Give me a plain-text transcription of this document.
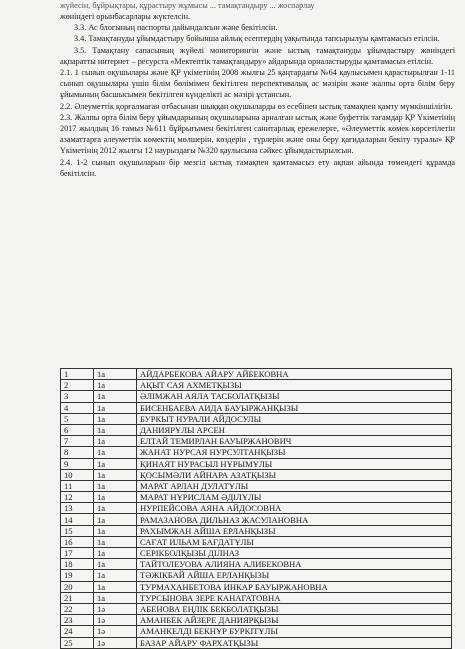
жүйесін, бұйрықтары, құрастыру жұмысы ... тамақтандыру ... жоспарлау

жөніндегі орынбасарлары жүктелсін.

3.3. Ас блогының паспорты дайындалсын және бекітілсін.

3.4. Тамақтануды ұйымдастыру бойынша айлық есептердің уақытында тапсырылуы қамтамасыз етілсін.

3.5. Тамақтану сапасының жүйелі мониторингін және ыстық тамақтануды ұйымдастыру жөніндегі ақпаратты интернет – ресурста «Мектептік тамақтандыру» айдарында орналастыруды қамтамасыз етілсін.

2.1. 1 сынып оқушылары және ҚР үкіметінің 2008 жылғы 25 қаңтардағы №64 қаулысымен қарастырылған 1-11 сынып оқушылары үшін білім бөлімімен бекітілген перспективалық ас мәзірін және жалпы орта білім беру ұйымының басшысымен бекітілген күнделікті ас мәзірі ұстансын.

2.2. Әлеуметтік қорғалмаған отбасынан шыққан оқушыларды өз есебінен ыстық тамақпен қамту мүмкіншілігін.

2.3. Жалпы орта білім беру ұйымдарының оқушыларына арналған ыстық және буфеттік тағамдар ҚР Үкіметінің 2017 жылдың 16 тамыз №611 бұйрығымен бекітілген санитарлық ережелерге, «Әлеуметтік көмек көрсетілетін азаматтарға әлеуметтік көмектің мөлшерін, көздерін , түрлерін және оны беру қағидаларын бекіту туралы» ҚР Үкіметінің 2012 жылғы 12 наурыздағы №320 қаулысына сәйкес ұйымдастырылсын.

2.4. 1-2 сынып оқушыларын бір мезгіл ыстық тамақпен қамтамасыз ету ақпан айында төмендегі құрамда бекітілсін.

1	1а	АЙДАРБЕКОВА АЙАРУ АЙБЕКОВНА
2	1а	АҚЫТ САЯ АХМЕТҚЫЗЫ
3	1а	ӘЛІМЖАН АЯЛА ТАСБОЛАТҚЫЗЫ
4	1а	БИСЕНБАЕВА АИДА БАУЫРЖАНҚЫЗЫ
5	1а	БУРКЫТ НУРАЛИ АЙДОСУЛЫ
6	1а	ДАНИЯРҰЛЫ АРСЕН
7	1а	ЕЛТАЙ ТЕМИРЛАН БАУЫРЖАНОВИЧ
8	1а	ЖАНАТ НУРСАЯ НУРСУЛТАНҚЫЗЫ
9	1а	ҚИНАЯТ НУРАСЫЛ НҰРЫМҰЛЫ
10	1а	ҚОСЫМӘЛИ АЙНАРА АЗАТҚЫЗЫ
11	1а	МАРАТ АРЛАН ДУЛАТҰЛЫ
12	1а	МАРАТ НҰРИСЛАМ ӘДІЛҰЛЫ
13	1а	НУРПЕЙСОВА АЯНА АЙДОСОВНА
14	1а	РАМАЗАНОВА ДИЛЬНАЗ ЖАСУЛАНОВНА
15	1а	РАХЫМЖАН АЙША ЕРЛАНҚЫЗЫ
16	1а	САҒАТ ИЛЬАМ БАҒДАТҰЛЫ
17	1а	СЕРІКБОЛҚЫЗЫ ДІЛНАЗ
18	1а	ТАЙТОЛЕУОВА АЛИЯНА АЛИБЕКОВНА
19	1а	ТӘЖІКБАЙ АЙША ЕРЛАНҚЫЗЫ
20	1а	ТУРМАХАНБЕТОВА ИНКАР БАУЫРЖАНОВНА
21	1а	ТУРСЫНОВА ЗЕРЕ КАНАГАТОВНА
22	1ә	АБЕНОВА ЕҢЛІК БЕКБОЛАТҚЫЗЫ
23	1ә	АМАНБЕК АЙЗЕРЕ ДАНИЯРҚЫЗЫ
24	1ә	АМАНКЕЛДІ БЕКНҰР БУРКІТҰЛЫ
25	1ә	БАЗАР АЙАРУ ФАРХАТҚЫЗЫ
